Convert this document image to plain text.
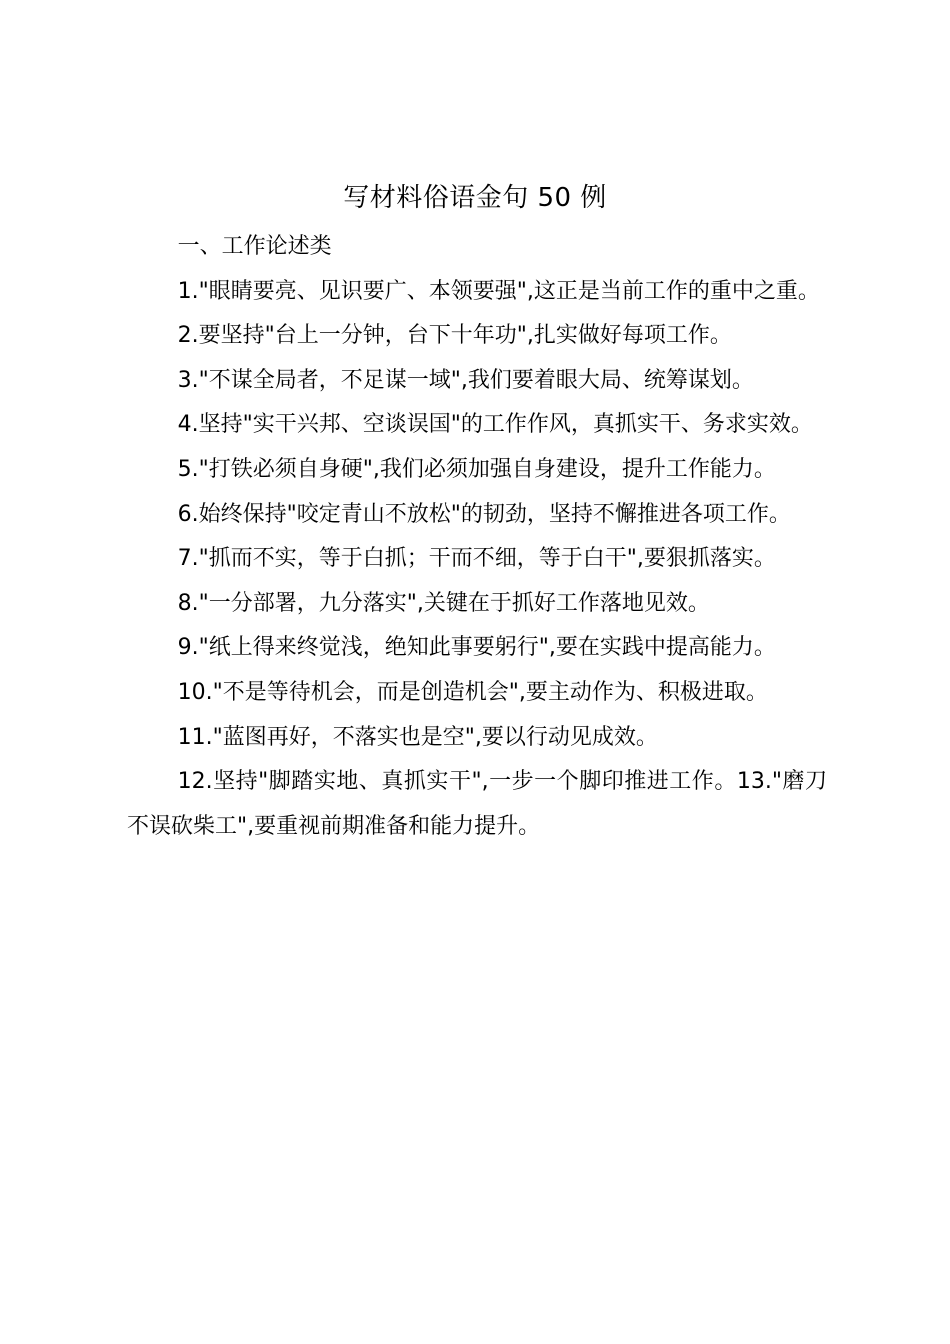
写材料俗语金句 50 例

一、工作论述类

1."眼睛要亮、见识要广、本领要强",这正是当前工作的重中之重。

2.要坚持"台上一分钟，台下十年功",扎实做好每项工作。

3."不谋全局者，不足谋一域",我们要着眼大局、统筹谋划。

4.坚持"实干兴邦、空谈误国"的工作作风，真抓实干、务求实效。

5."打铁必须自身硬",我们必须加强自身建设，提升工作能力。

6.始终保持"咬定青山不放松"的韧劲，坚持不懈推进各项工作。

7."抓而不实，等于白抓；干而不细，等于白干",要狠抓落实。

8."一分部署，九分落实",关键在于抓好工作落地见效。

9."纸上得来终觉浅，绝知此事要躬行",要在实践中提高能力。

10."不是等待机会，而是创造机会",要主动作为、积极进取。

11."蓝图再好，不落实也是空",要以行动见成效。

12.坚持"脚踏实地、真抓实干",一步一个脚印推进工作。13."磨刀不误砍柴工",要重视前期准备和能力提升。
